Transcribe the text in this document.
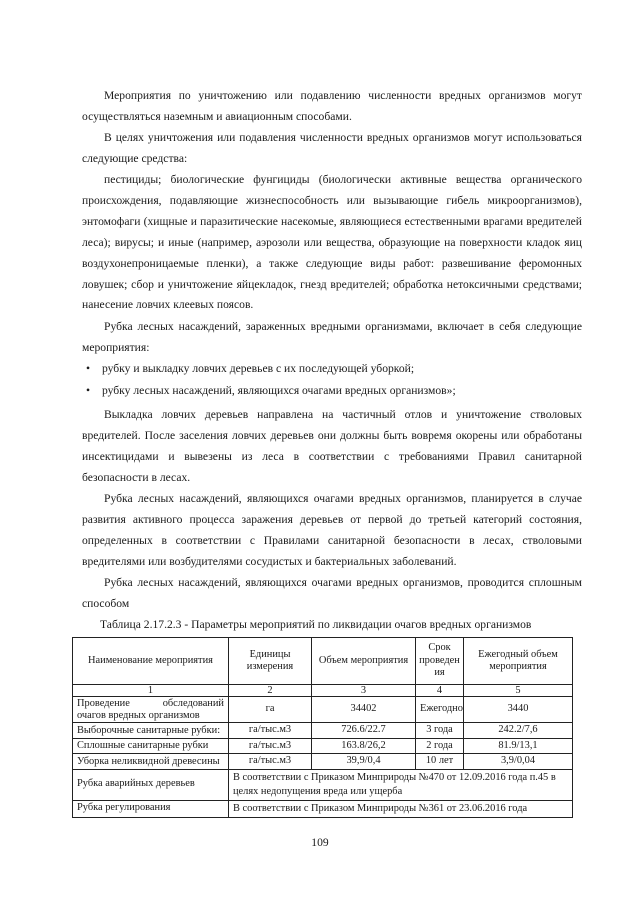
Мероприятия по уничтожению или подавлению численности вредных организмов могут осуществляться наземным и авиационным способами.

В целях уничтожения или подавления численности вредных организмов могут использоваться следующие средства:

пестициды; биологические фунгициды (биологически активные вещества органического происхождения, подавляющие жизнеспособность или вызывающие гибель микроорганизмов), энтомофаги (хищные и паразитические насекомые, являющиеся естественными врагами вредителей леса); вирусы; и иные (например, аэрозоли или вещества, образующие на поверхности кладок яиц воздухонепроницаемые пленки), а также следующие виды работ: развешивание феромонных ловушек; сбор и уничтожение яйцекладок, гнезд вредителей; обработка нетоксичными средствами; нанесение ловчих клеевых поясов.

Рубка лесных насаждений, зараженных вредными организмами, включает в себя следующие мероприятия:

• рубку и выкладку ловчих деревьев с их последующей уборкой;
• рубку лесных насаждений, являющихся очагами вредных организмов»;

Выкладка ловчих деревьев направлена на частичный отлов и уничтожение стволовых вредителей. После заселения ловчих деревьев они должны быть вовремя окорены или обработаны инсектицидами и вывезены из леса в соответствии с требованиями Правил санитарной безопасности в лесах.

Рубка лесных насаждений, являющихся очагами вредных организмов, планируется в случае развития активного процесса заражения деревьев от первой до третьей категорий состояния, определенных в соответствии с Правилами санитарной безопасности в лесах, стволовыми вредителями или возбудителями сосудистых и бактериальных заболеваний.

Рубка лесных насаждений, являющихся очагами вредных организмов, проводится сплошным способом

Таблица 2.17.2.3 - Параметры мероприятий по ликвидации очагов вредных организмов
Наименование мероприятия	Единицы измерения	Объем мероприятия	Срок проведен ия	Ежегодный объем мероприятия
1	2	3	4	5
Проведение обследований очагов вредных организмов	га	34402	Ежегодно	3440
Выборочные санитарные рубки:	га/тыс.м3	726.6/22.7	3 года	242.2/7,6
Сплошные санитарные рубки	га/тыс.м3	163.8/26,2	2 года	81.9/13,1
Уборка неликвидной древесины	га/тыс.м3	39,9/0,4	10 лет	3,9/0,04
Рубка аварийных деревьев	В соответствии с Приказом Минприроды №470 от 12.09.2016 года п.45 в целях недопущения вреда или ущерба			
Рубка регулирования	В соответствии с Приказом Минприроды №361 от 23.06.2016 года			
109
